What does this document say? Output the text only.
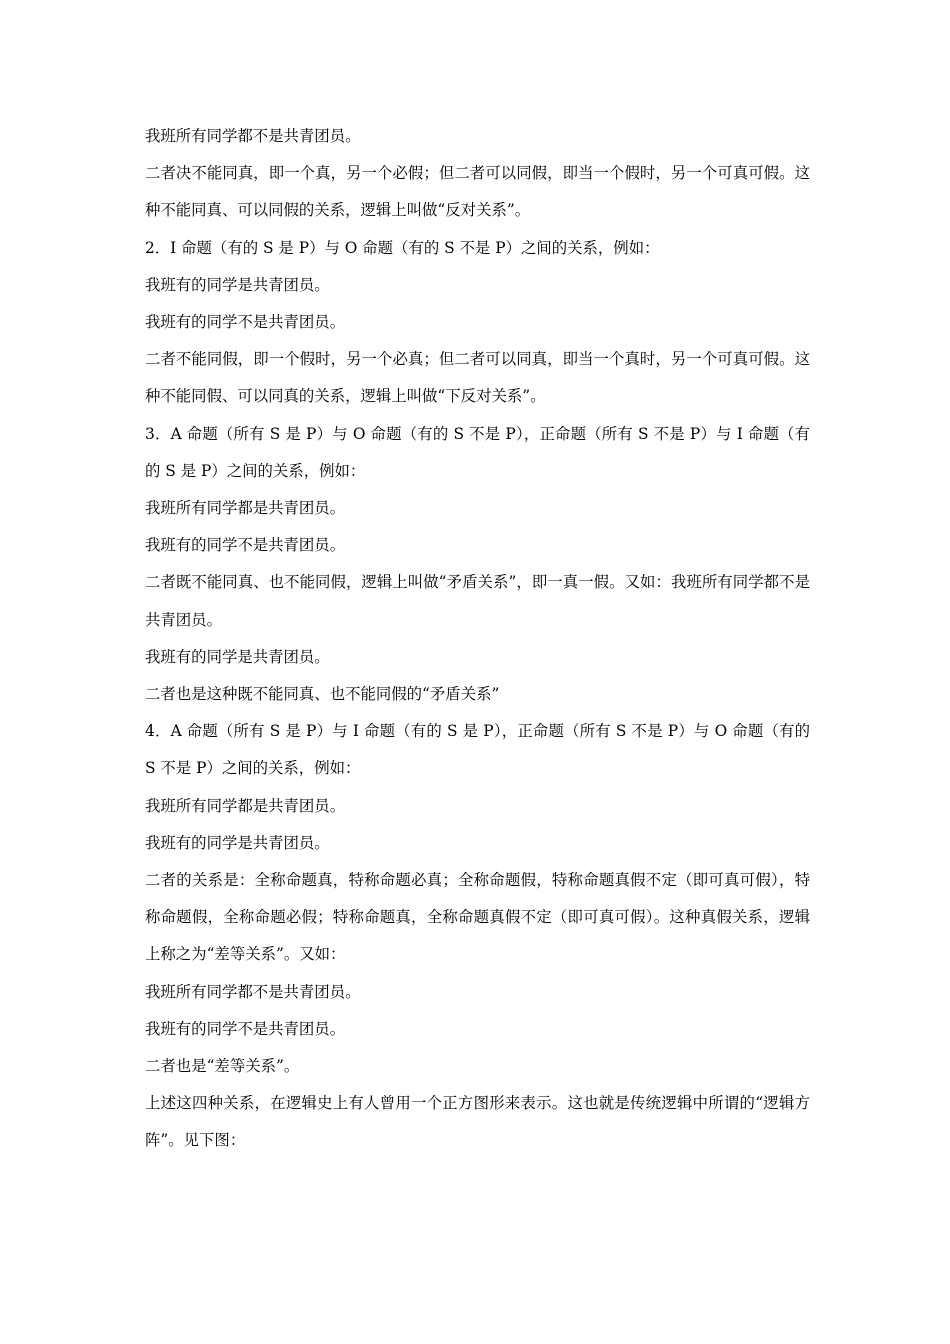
我班所有同学都不是共青团员。

二者决不能同真，即一个真，另一个必假；但二者可以同假，即当一个假时，另一个可真可假。这种不能同真、可以同假的关系，逻辑上叫做“反对关系”。

2．I 命题（有的 S 是 P）与 O 命题（有的 S 不是 P）之间的关系，例如：

我班有的同学是共青团员。

我班有的同学不是共青团员。

二者不能同假，即一个假时，另一个必真；但二者可以同真，即当一个真时，另一个可真可假。这种不能同假、可以同真的关系，逻辑上叫做“下反对关系”。

3．A 命题（所有 S 是 P）与 O 命题（有的 S 不是 P），正命题（所有 S 不是 P）与 I 命题（有的 S 是 P）之间的关系，例如：

我班所有同学都是共青团员。

我班有的同学不是共青团员。

二者既不能同真、也不能同假，逻辑上叫做“矛盾关系”，即一真一假。又如：我班所有同学都不是共青团员。

我班有的同学是共青团员。

二者也是这种既不能同真、也不能同假的“矛盾关系”

4．A 命题（所有 S 是 P）与 I 命题（有的 S 是 P），正命题（所有 S 不是 P）与 O 命题（有的 S 不是 P）之间的关系，例如：

我班所有同学都是共青团员。

我班有的同学是共青团员。

二者的关系是：全称命题真，特称命题必真；全称命题假，特称命题真假不定（即可真可假），特称命题假，全称命题必假；特称命题真，全称命题真假不定（即可真可假）。这种真假关系，逻辑上称之为“差等关系”。又如：

我班所有同学都不是共青团员。

我班有的同学不是共青团员。

二者也是“差等关系”。

上述这四种关系，在逻辑史上有人曾用一个正方图形来表示。这也就是传统逻辑中所谓的“逻辑方阵”。见下图：
